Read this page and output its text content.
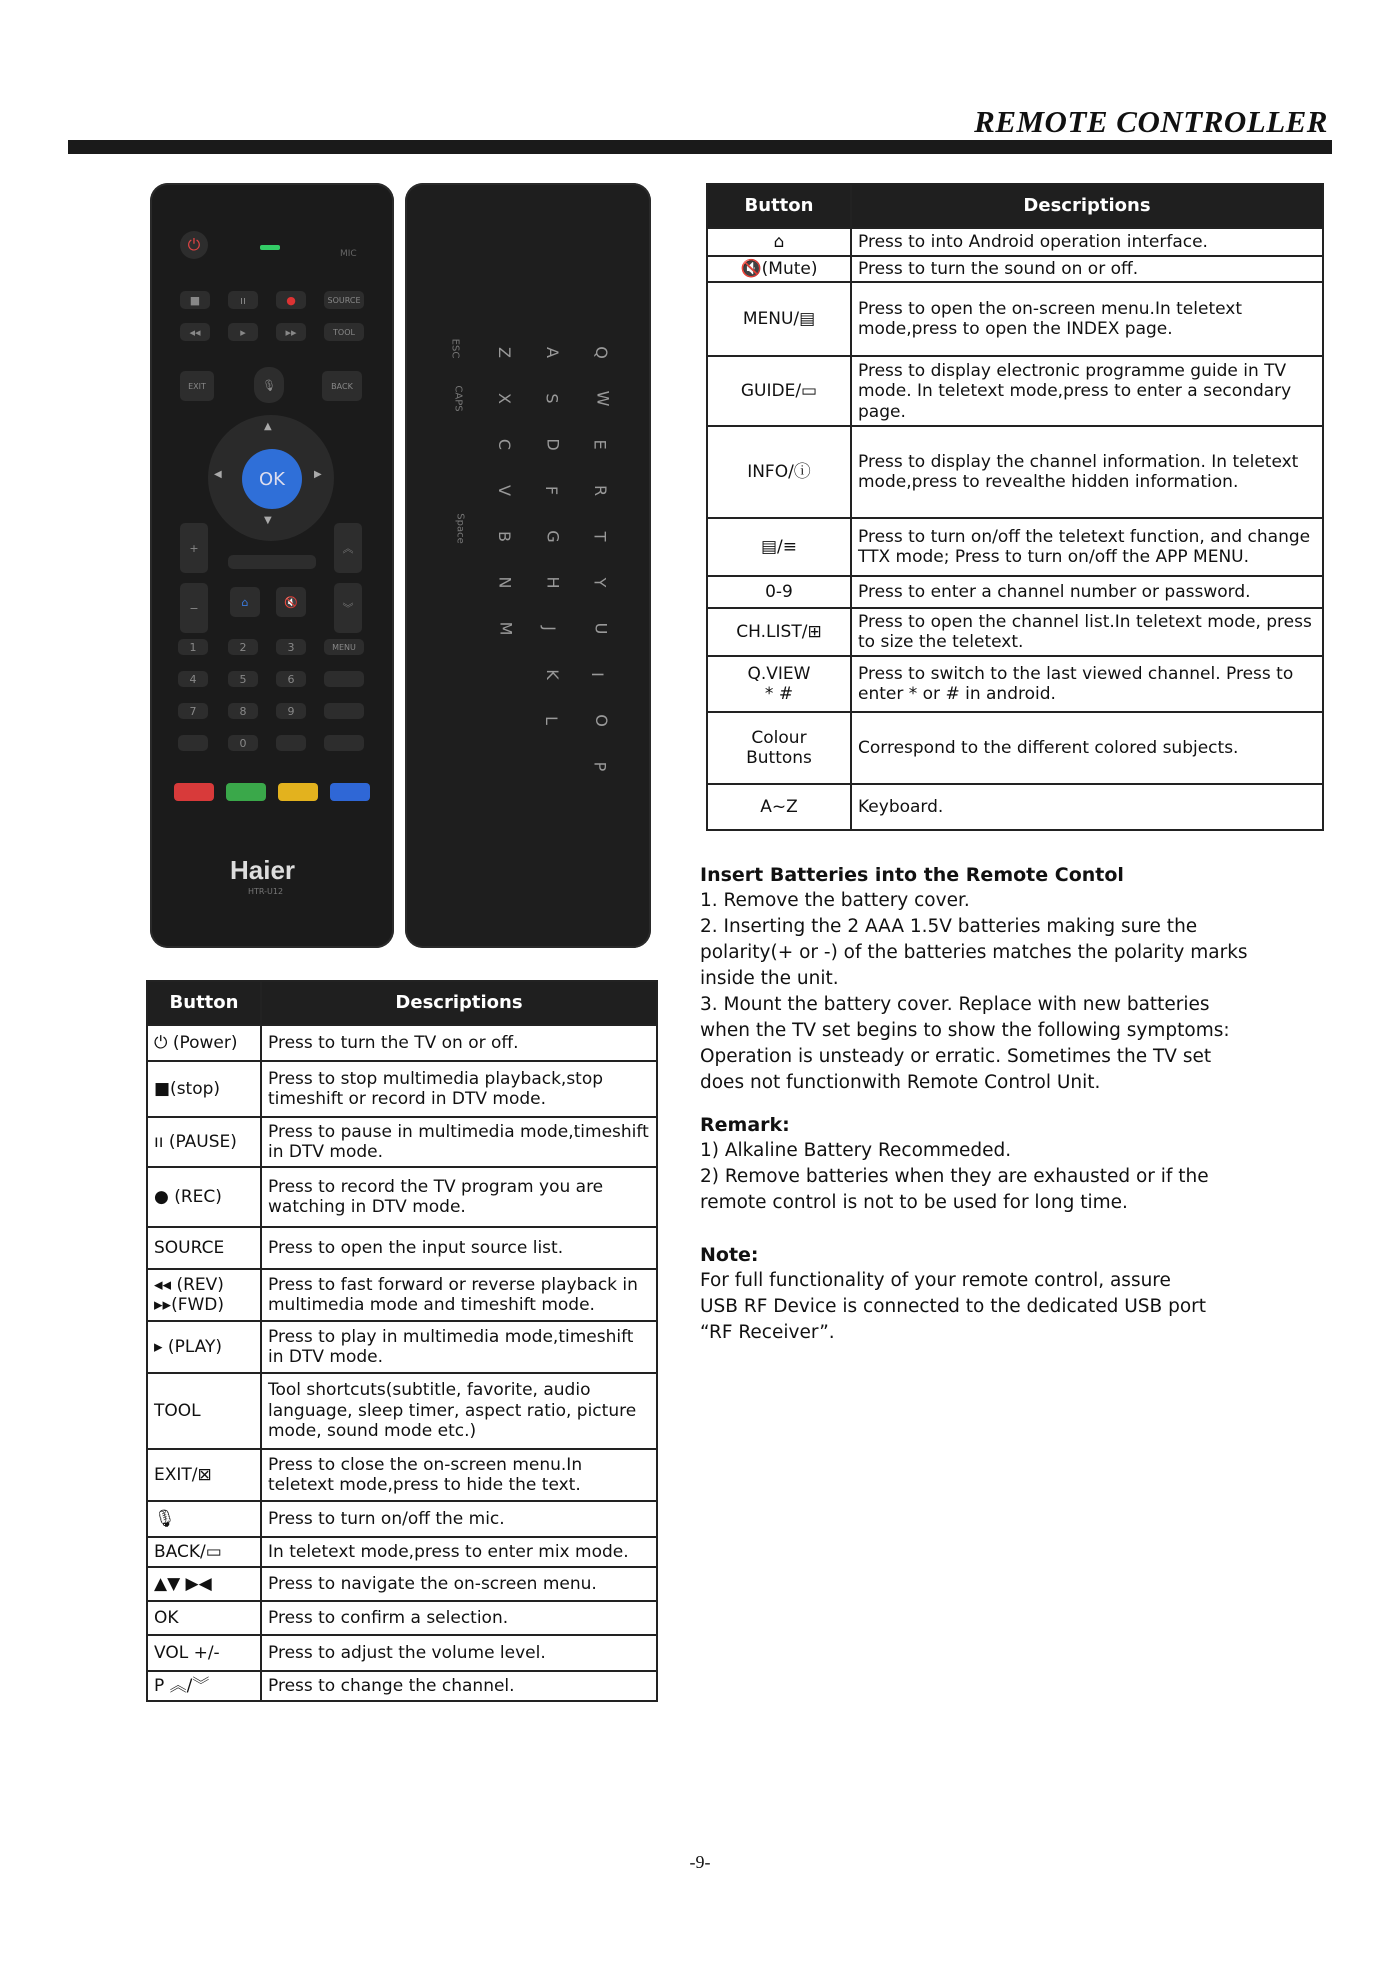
REMOTE CONTROLLER
⏻	MIC
■	ıı	●	SOURCE
◂◂	▸	▸▸	TOOL
EXIT	🎙	BACK
▲
▼
◀	▶
OK
+	︽
−	⌂	🔇	︾
1	2	3	MENU
4	5	6
7	8	9
0
Haier
HTR-U12
Q
W
E
R
T
Y
U
I
O
P
A
S
D
F
G
H
J
K
L
Z
X
C
V
B
N
M
ESC
CAPS
Space
Button	Descriptions
⏻ (Power)	Press to turn the TV on or off.
■(stop)	Press to stop multimedia playback,stop timeshift or record in DTV mode.
ıı (PAUSE)	Press to pause in multimedia mode,timeshift in DTV mode.
● (REC)	Press to record the TV program you are watching in DTV mode.
SOURCE	Press to open the input source list.
◂◂ (REV)
▸▸(FWD)	Press to fast forward or reverse playback in multimedia mode and timeshift mode.
▸ (PLAY)	Press to play in multimedia mode,timeshift in DTV mode.
TOOL	Tool shortcuts(subtitle, favorite, audio language, sleep timer, aspect ratio, picture mode, sound mode etc.)
EXIT/⊠	Press to close the on-screen menu.In teletext mode,press to hide the text.
🎙	Press to turn on/off the mic.
BACK/▭	In teletext mode,press to enter mix mode.
▲▼ ▶◀	Press to navigate the on-screen menu.
OK	Press to confirm a selection.
VOL +/-	Press to adjust the volume level.
P ︽/︾	Press to change the channel.
Button	Descriptions
⌂	Press to into Android operation interface.
🔇(Mute)	Press to turn the sound on or off.
MENU/▤	Press to open the on-screen menu.In teletext mode,press to open the INDEX page.
GUIDE/▭	Press to display electronic programme guide in TV mode. In teletext mode,press to enter a secondary page.
INFO/ⓘ	Press to display the channel information. In teletext mode,press to revealthe hidden information.
▤/≡	Press to turn on/off the teletext function, and change TTX mode; Press to turn on/off the APP MENU.
0-9	Press to enter a channel number or password.
CH.LIST/⊞	Press to open the channel list.In teletext mode, press to size the teletext.
Q.VIEW
* #	Press to switch to the last viewed channel. Press to enter * or # in android.
Colour
Buttons	Correspond to the different colored subjects.
A~Z	Keyboard.
Insert Batteries into the Remote Contol

1. Remove the battery cover.

2. Inserting the 2 AAA 1.5V batteries making sure the polarity(+ or -) of the batteries matches the polarity marks inside the unit.

3. Mount the battery cover. Replace with new batteries when the TV set begins to show the following symptoms: Operation is unsteady or erratic. Sometimes the TV set does not functionwith Remote Control Unit.

Remark:

1) Alkaline Battery Recommeded.

2) Remove batteries when they are exhausted or if the remote control is not to be used for long time.

Note:

For full functionality of your remote control, assure USB RF Device is connected to the dedicated USB port “RF Receiver”.

-9-
